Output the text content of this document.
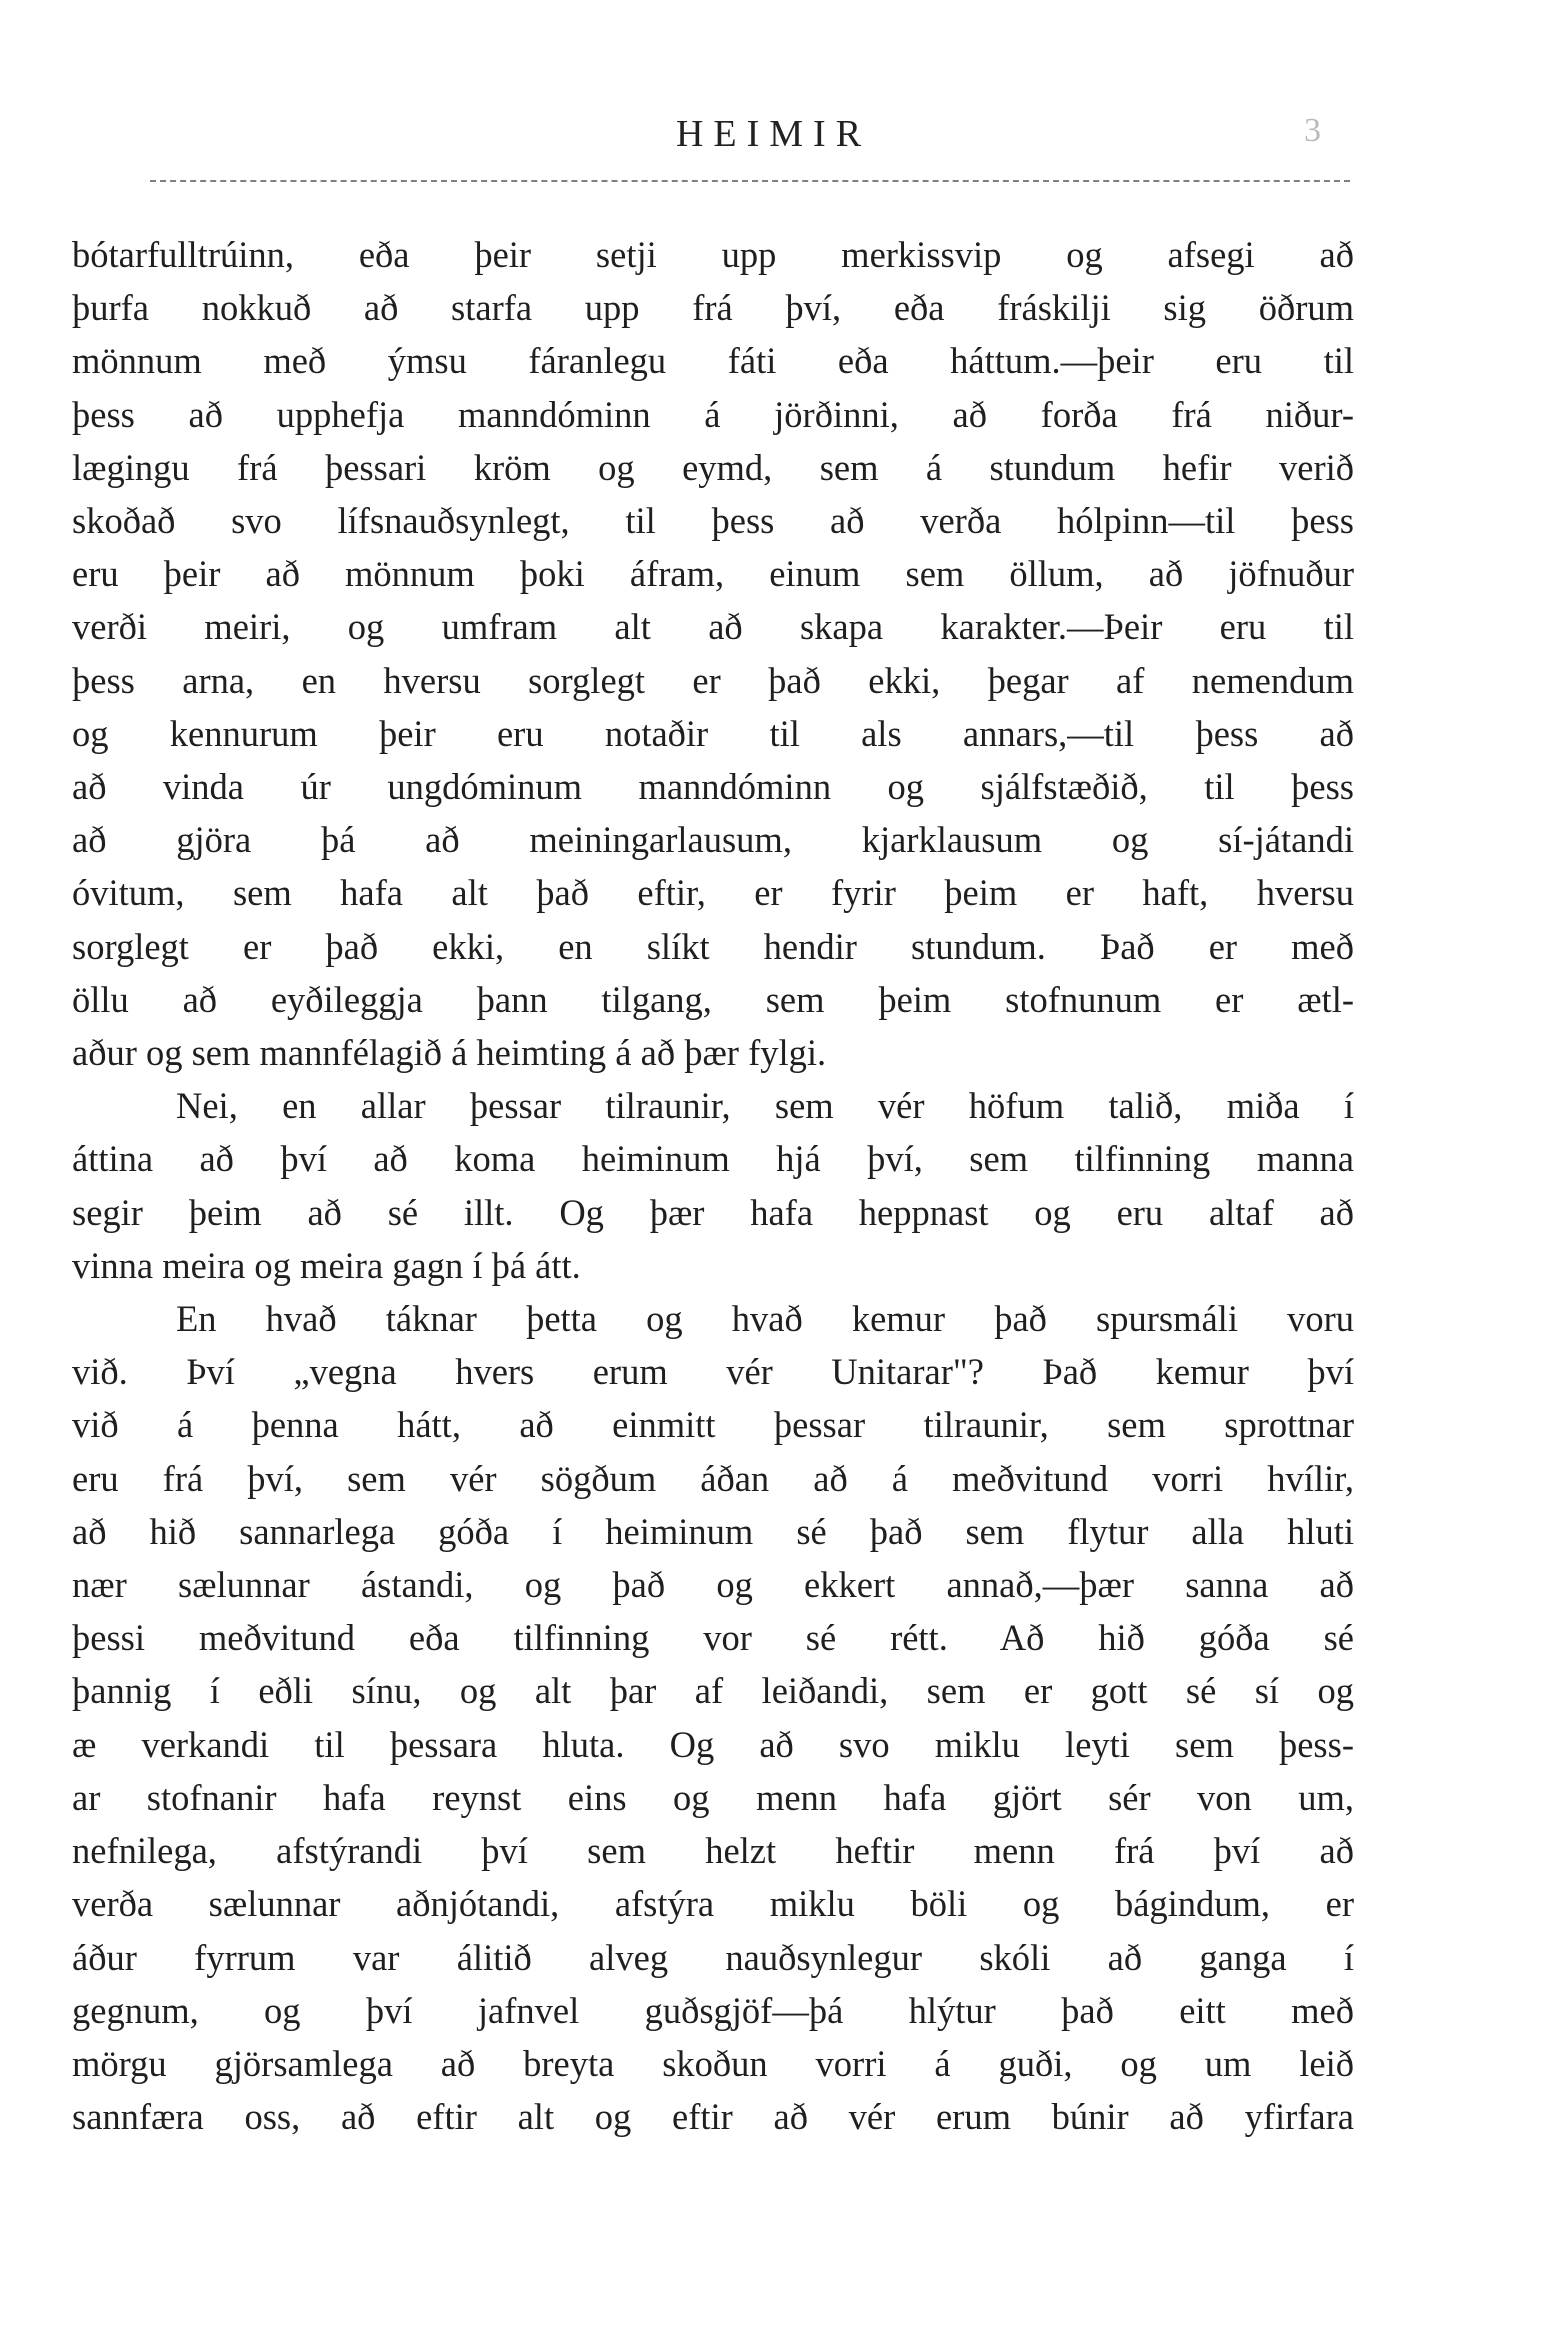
HEIMIR	3

bótarfulltrúinn, eða þeir setji upp merkissvip og afsegi að
þurfa nokkuð að starfa upp frá því, eða fráskilji sig öðrum
mönnum með ýmsu fáranlegu fáti eða háttum.—þeir eru til
þess að upphefja manndóminn á jörðinni, að forða frá niður-
lægingu frá þessari kröm og eymd, sem á stundum hefir verið
skoðað svo lífsnauðsynlegt, til þess að verða hólpinn—til þess
eru þeir að mönnum þoki áfram, einum sem öllum, að jöfnuður
verði meiri, og umfram alt að skapa karakter.—Þeir eru til
þess arna, en hversu sorglegt er það ekki, þegar af nemendum
og kennurum þeir eru notaðir til als annars,—til þess að
að vinda úr ungdóminum manndóminn og sjálfstæðið, til þess
að gjöra þá að meiningarlausum, kjarklausum og sí-játandi
óvitum, sem hafa alt það eftir, er fyrir þeim er haft, hversu
sorglegt er það ekki, en slíkt hendir stundum. Það er með
öllu að eyðileggja þann tilgang, sem þeim stofnunum er ætl-
aður og sem mannfélagið á heimting á að þær fylgi.

Nei, en allar þessar tilraunir, sem vér höfum talið, miða í
áttina að því að koma heiminum hjá því, sem tilfinning manna
segir þeim að sé illt. Og þær hafa heppnast og eru altaf að
vinna meira og meira gagn í þá átt.

En hvað táknar þetta og hvað kemur það spursmáli voru
við. Því „vegna hvers erum vér Unitarar"? Það kemur því
við á þenna hátt, að einmitt þessar tilraunir, sem sprottnar
eru frá því, sem vér sögðum áðan að á meðvitund vorri hvílir,
að hið sannarlega góða í heiminum sé það sem flytur alla hluti
nær sælunnar ástandi, og það og ekkert annað,—þær sanna að
þessi meðvitund eða tilfinning vor sé rétt. Að hið góða sé
þannig í eðli sínu, og alt þar af leiðandi, sem er gott sé sí og
æ verkandi til þessara hluta. Og að svo miklu leyti sem þess-
ar stofnanir hafa reynst eins og menn hafa gjört sér von um,
nefnilega, afstýrandi því sem helzt heftir menn frá því að
verða sælunnar aðnjótandi, afstýra miklu böli og bágindum, er
áður fyrrum var álitið alveg nauðsynlegur skóli að ganga í
gegnum, og því jafnvel guðsgjöf—þá hlýtur það eitt með
mörgu gjörsamlega að breyta skoðun vorri á guði, og um leið
sannfæra oss, að eftir alt og eftir að vér erum búnir að yfirfara
